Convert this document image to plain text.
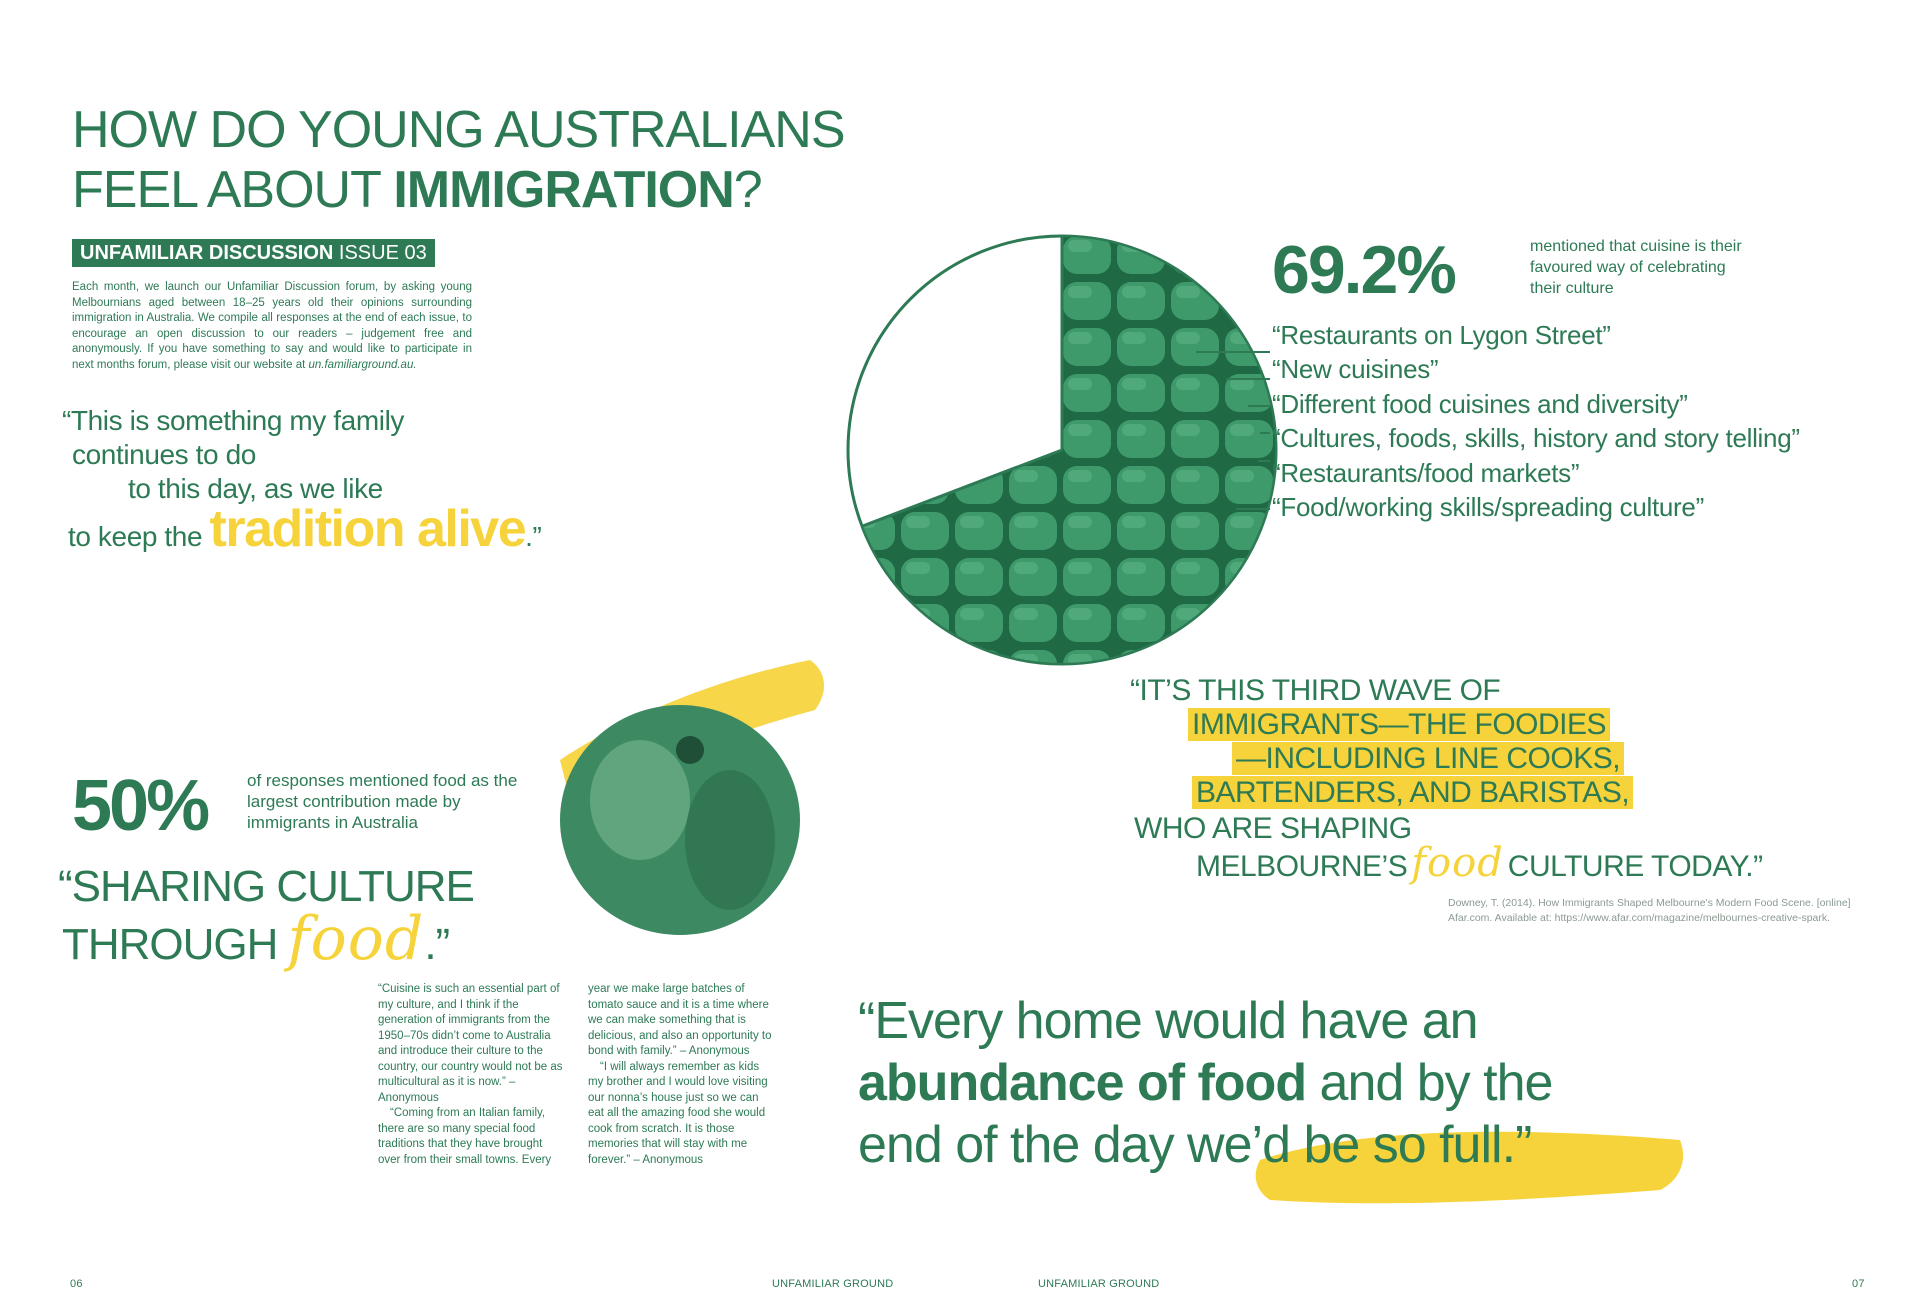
HOW DO YOUNG AUSTRALIANS
FEEL ABOUT IMMIGRATION?
UNFAMILIAR DISCUSSION ISSUE 03
Each month, we launch our Unfamiliar Discussion forum, by asking young Melbournians aged between 18–25 years old their opinions surrounding immigration in Australia. We compile all responses at the end of each issue, to encourage an open discussion to our readers – judgement free and anonymously. If you have something to say and would like to participate in next months forum, please visit our website at un.familiarground.au.
“This is something my family
continues to do
to this day, as we like
to keep the tradition alive.”
69.2%	mentioned that cuisine is their favoured way of celebrating their culture
“Restaurants on Lygon Street”
“New cuisines”
“Different food cuisines and diversity”
“Cultures, foods, skills, history and story telling”
“Restaurants/food markets”
“Food/working skills/spreading culture”
“IT’S THIS THIRD WAVE OF
IMMIGRANTS—THE FOODIES
—INCLUDING LINE COOKS,
BARTENDERS, AND BARISTAS,
WHO ARE SHAPING
MELBOURNE’S food CULTURE TODAY.”
Downey, T. (2014). How Immigrants Shaped Melbourne's Modern Food Scene. [online]
Afar.com. Available at: https://www.afar.com/magazine/melbournes-creative-spark.
50% of responses mentioned food as the largest contribution made by immigrants in Australia
“SHARING CULTURE
THROUGH food.”

“Cuisine is such an essential part of my culture, and I think if the generation of immigrants from the 1950–70s didn’t come to Australia and introduce their culture to the country, our country would not be as multicultural as it is now.” – Anonymous

“Coming from an Italian family, there are so many special food traditions that they have brought over from their small towns. Every

year we make large batches of tomato sauce and it is a time where we can make something that is delicious, and also an opportunity to bond with family.” – Anonymous

“I will always remember as kids my brother and I would love visiting our nonna’s house just so we can eat all the amazing food she would cook from scratch. It is those memories that will stay with me forever.” – Anonymous

“Every home would have an
abundance of food and by the
end of the day we’d be so full.”
06	UNFAMILIAR GROUND	UNFAMILIAR GROUND	07
